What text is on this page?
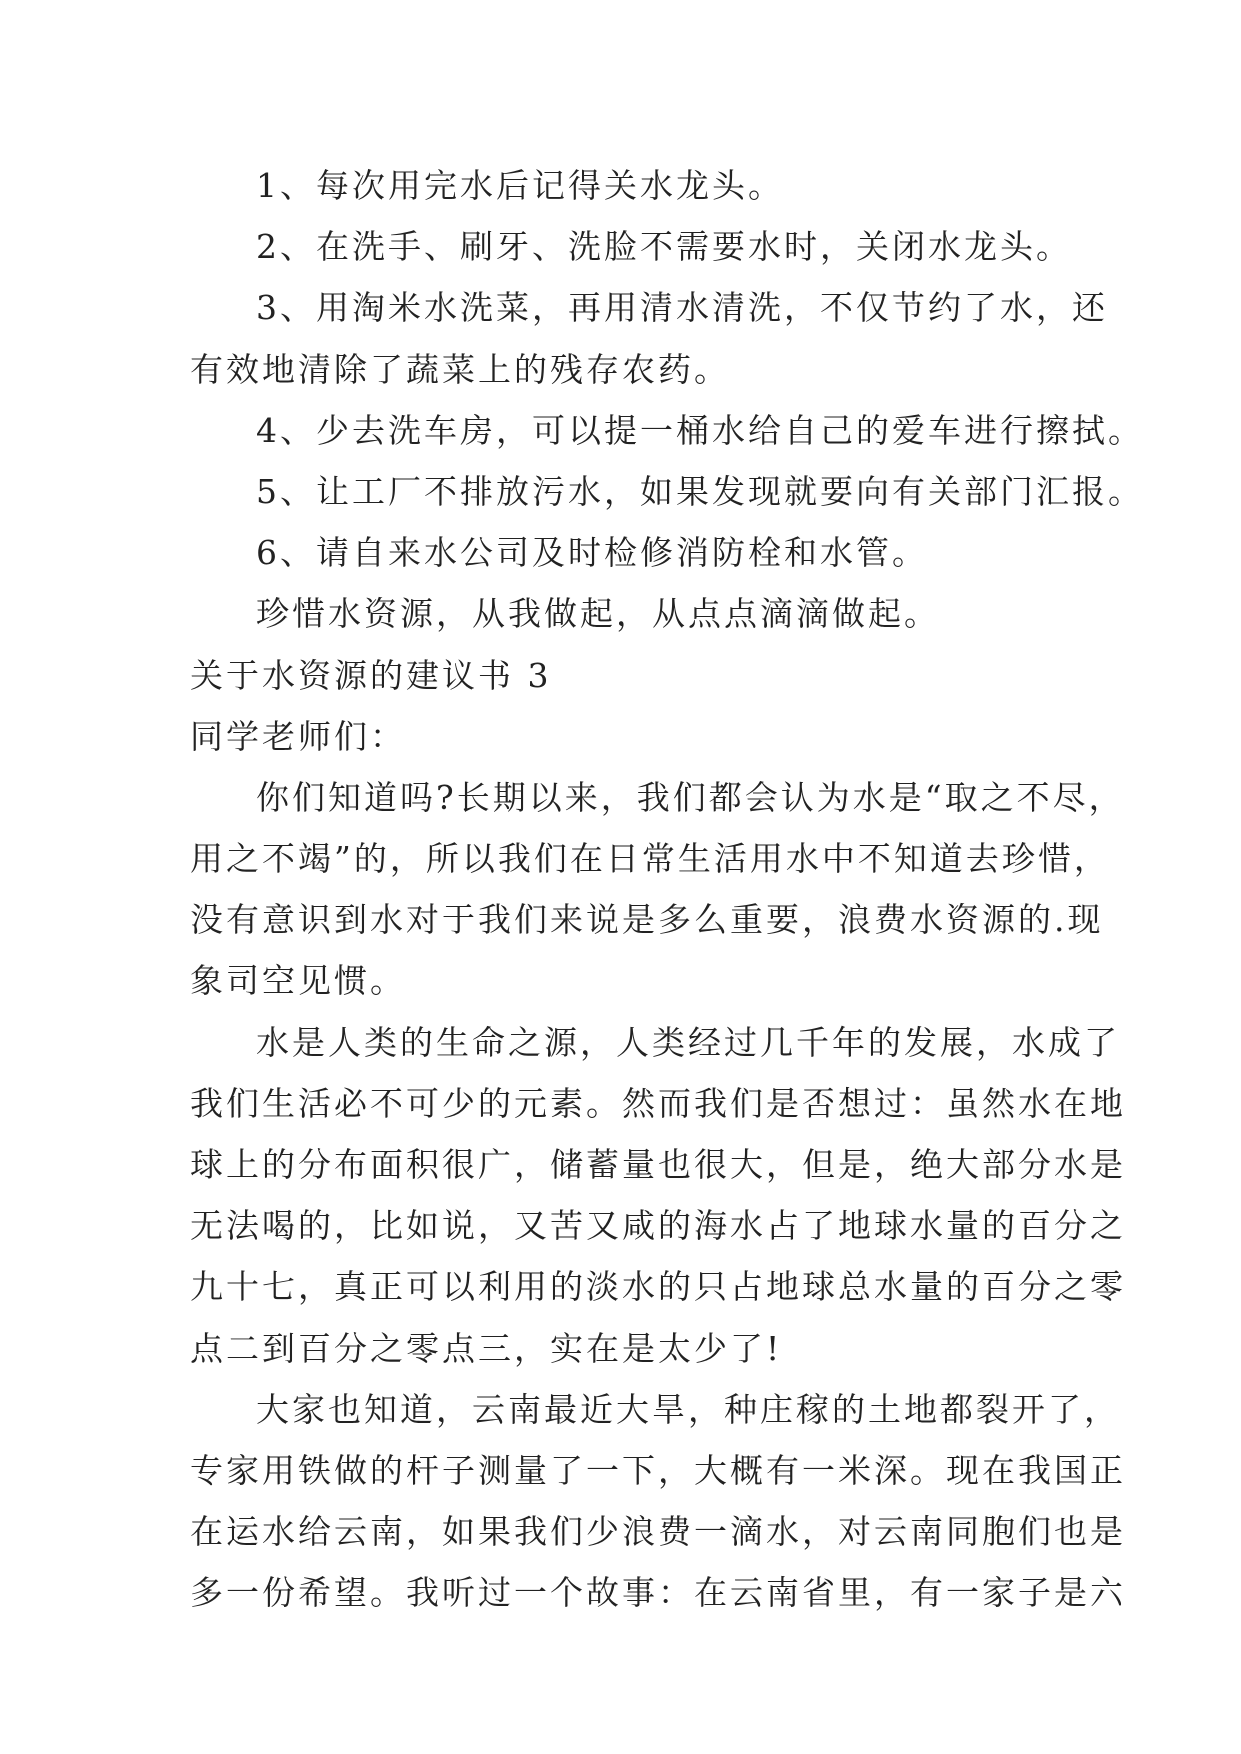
1、每次用完水后记得关水龙头。
2、在洗手、刷牙、洗脸不需要水时，关闭水龙头。
3、用淘米水洗菜，再用清水清洗，不仅节约了水，还
有效地清除了蔬菜上的残存农药。
4、少去洗车房，可以提一桶水给自己的爱车进行擦拭。
5、让工厂不排放污水，如果发现就要向有关部门汇报。
6、请自来水公司及时检修消防栓和水管。
珍惜水资源，从我做起，从点点滴滴做起。
关于水资源的建议书 3
同学老师们：
你们知道吗?长期以来，我们都会认为水是“取之不尽，
用之不竭”的，所以我们在日常生活用水中不知道去珍惜，
没有意识到水对于我们来说是多么重要，浪费水资源的.现
象司空见惯。
水是人类的生命之源，人类经过几千年的发展，水成了
我们生活必不可少的元素。然而我们是否想过：虽然水在地
球上的分布面积很广，储蓄量也很大，但是，绝大部分水是
无法喝的，比如说，又苦又咸的海水占了地球水量的百分之
九十七，真正可以利用的淡水的只占地球总水量的百分之零
点二到百分之零点三，实在是太少了!
大家也知道，云南最近大旱，种庄稼的土地都裂开了，
专家用铁做的杆子测量了一下，大概有一米深。现在我国正
在运水给云南，如果我们少浪费一滴水，对云南同胞们也是
多一份希望。我听过一个故事：在云南省里，有一家子是六
